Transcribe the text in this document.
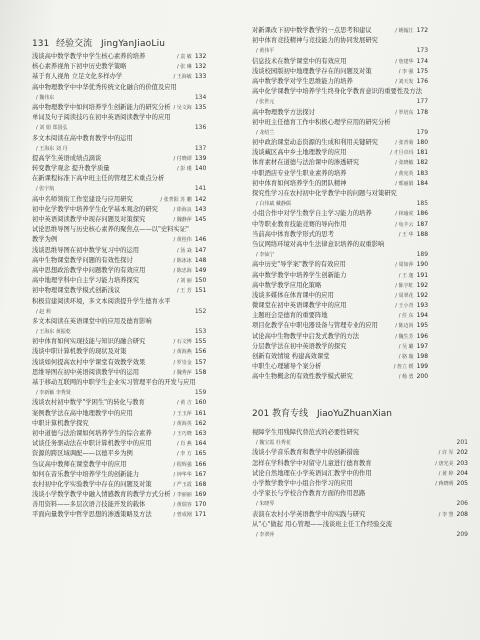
131 经验交流 JingYanJiaoLiu
浅谈高中数学教学中学生核心素养的培养	/ 袁 敏 132
核心素养视角下初中历史教学策略	/ 张 琳 132
基于育人视角 立足文化多样办学	/ 王海敏 133
高中物理教学中中华优秀传统文化融合的价值及应用
/ 魏伟东	134
高中物理教学中如何培养学生创新能力的研究分析 / 吴文海 135
单词及句子阅读技巧在初中英语阅读教学中的应用
/ 刘 娟 郑国弘	136
多文本阅读在高中教育教学中的运用
/ 王海东 刘 丹	137
提高学生英语成绩点滴谈	/ 付晓谭 139
转变教学观念 提升教学质量	/ 彭 瑾 140
在新课程标准下高中班主任的管理艺术重点分析
/ 张宇航	141
高中名师领衔工作室建设与应用研究	/ 张菁阳 苏 鹏 142
初中化学教学中培养学生化学基本观念的研究	/ 徐海良 143
初中英语阅读教学中现存问题及对策探究	/ 魏静萍 145
试论思维导图与历史核心素养的聚焦点——以"史料实证"
教学为例	/ 黄桂伟 146
浅谈思维导图在初中数学复习中的运用	/ 汤 焱 147
高中生物课堂教学问题的有效性探讨	/ 陈冰冰 148
高中思想政治教学中问题教学的有效应用	/ 陈忠海 149
高中地理学科中自主学习能力培养探究	/ 刘 丽 150
初中物理课堂教学模式创新浅议	/ 王 芳 151
积极营建阅读环境，多文本阅读提升学生德育水平
/ 赵 莉	152
多文本阅读在英语课堂中的应用及德育影响
/ 王海东 黄振乾	153
初中体育如何实现技能与知识的融合研究	/ 石文博 155
浅谈中职计算机教学的现状及对策	/ 黄海燕 156
浅谈如何提高农村中学课堂有效教学效果	/ 罗崇金 157
思维导图在初中英语阅读教学中的运用	/ 魏秀萍 158
基于移动互联网的中职学生企业实习管理平台的开发与应用
/ 李新颖 李秀贤	159
浅谈农村初中数学"学困生"的转化与教育	/ 黄 吉 160
案例教学法在高中地理教学中的应用	/ 王玉萍 161
中职计算机教学探究	/ 黄海英 162
初中道德与法治课如何培养学生的综合素养	/ 王巧晓 163
试谈任务驱动法在中职计算机教学中的应用	/ 肖 燕 164
资源的跨区域调配——以德平乡为例	/ 李 方 165
刍议高中教师在课堂教学中的应用	/ 程辉强 166
如何在音乐教学中培养学生的创新能力	/ 钟华华 167
农村初中化学实验教学中存在的问题及对策	/ 严玉霞 168
浅谈小学数学教学中融入情感教育的教学方式分析 / 李丽丽 169
善用资料——多层次语言技能开发的载体	/ 黄瑞容 170
平面向量教学中哲学思想的渗透策略及方法	/ 曾成刚 171
对新课改下初中数学教学的一点思考和建议	/ 姚翰江 172
初中体育竞技精神与竞技能力的协同发展研究
/ 黄伟平	173
信息技术在数学课堂中的有效应用	/ 詹建华 174
浅谈校园版初中地理教学存在的问题及对策	/ 李 强 175
高中数学教学对学生思维能力的培养	/ 刘天发 176
高中化学课教学中培养学生终身化学教育意识的重要性及方法
/ 张世元	177
高中物理教学方法探讨	/ 罗培东 178
初中班主任德育工作中积极心理学应用的研究分析
/ 龙绍兰	179
初中政治课堂动态资源的生成和利用关键研究	/ 张青菊 180
浅谈藏区高中乡土地理教学的应用	/ 才旦卓玛 181
体育素材在道德与法治课中的渗透研究	/ 张晓敏 182
中职酒店专业学生职业素养的培养	/ 黄宪英 183
初中体育如何培养学生的团队精神	/ 邢丽娟 184
探究性学习在农村初中化学教学中的问题与对策研究
/ 白伟斌 戴静儒	185
小组合作中对学生数学自主学习能力的培养	/ 林瑜虎 186
中等职业教育技能竞赛的导向作用	/ 龟丰云 187
当前高中体育教学形式的思考	/ 王 华 188
刍议网络环境对高中生法律意识培养的双重影响
/ 李仙宁	189
高中历史"导学案"教学的有效应用	/ 周如萍 190
高中数学教学中培养学生创新能力	/ 王 迦 191
高中数学教学应用化策略	/ 陈宇虹 192
浅谈多媒体在体育课中的应用	/ 周翠花 192
微课堂在初中英语课教学中的应用	/ 王小青 193
主题班会是德育的重要阵地	/ 任 东 194
项目化教学在中职电器设备与管理专业的应用	/ 陈迈尚 195
试论高中生物教学中启发式教学的方法	/ 魏生芳 196
分层教学法在初中英语教学的探究	/ 吴 璐 197
创新有效情境 构建高效课堂	/ 骆 璇 198
中职生心理辅导个案分析	/ 詹立 媛 199
高中生物概念的有效性教学模式研究	/ 杨 勇 200
201 教育专线 JiaoYuZhuanXian
视障学生用残障代替范式的必要性研究
/ 魏宝霞 杜秀花	201
浅谈小学音乐教育和教学中的创新措施	/ 许 军 202
怎样在学科教学中对留守儿童进行德育教育	/ 唐光美 203
试论自然地理在小学英语词汇教学中的作用	/ 黄 婷 204
小学数学教学中小组合作学习的应用	/ 蒋晓明 205
小学家长与学校合作教育方面的作用思路
/ 朱晓琴	206
表演在农村小学英语教学中的实践与研究	/ 李 慧 208
从"心"做起 用心管理——浅谈班主任工作经验交流
/ 李翠萍	209
